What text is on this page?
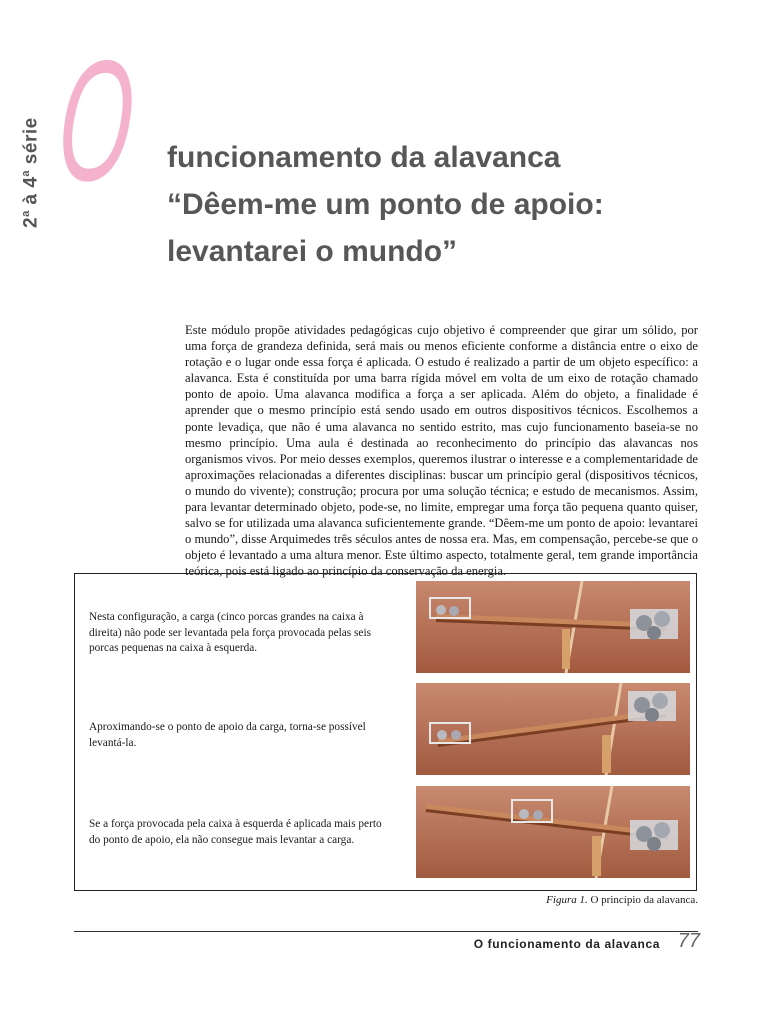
2$^a$ à 4$^a$ série O funcionamento da alavanca
“Dêem-me um ponto de apoio:
levantarei o mundo”

Este módulo propõe atividades pedagógicas cujo objetivo é compreender que girar um sólido, por uma força de grandeza definida, será mais ou menos eficiente conforme a distância entre o eixo de rotação e o lugar onde essa força é aplicada. O estudo é realizado a partir de um objeto específico: a alavanca. Esta é constituída por uma barra rígida móvel em volta de um eixo de rotação chamado ponto de apoio. Uma alavanca modifica a força a ser aplicada. Além do objeto, a finalidade é aprender que o mesmo princípio está sendo usado em outros dispositivos técnicos. Escolhemos a ponte levadiça, que não é uma alavanca no sentido estrito, mas cujo funcionamento baseia-se no mesmo princípio. Uma aula é destinada ao reconhecimento do princípio das alavancas nos organismos vivos. Por meio desses exemplos, queremos ilustrar o interesse e a complementaridade de aproximações relacionadas a diferentes disciplinas: buscar um princípio geral (dispositivos técnicos, o mundo do vivente); construção; procura por uma solução técnica; e estudo de mecanismos. Assim, para levantar determinado objeto, pode-se, no limite, empregar uma força tão pequena quanto quiser, salvo se for utilizada uma alavanca suficientemente grande. “Dêem-me um ponto de apoio: levantarei o mundo”, disse Arquimedes três séculos antes de nossa era. Mas, em compensação, percebe-se que o objeto é levantado a uma altura menor. Este último aspecto, totalmente geral, tem grande importância teórica, pois está ligado ao princípio da conservação da energia.

Nesta configuração, a carga (cinco porcas grandes na caixa à direita) não pode ser levantada pela força provocada pelas seis porcas pequenas na caixa à esquerda.

Aproximando-se o ponto de apoio da carga, torna-se possível levantá-la.

Se a força provocada pela caixa à esquerda é aplicada mais perto do ponto de apoio, ela não consegue mais levantar a carga.

Figura 1. O princípio da alavanca.

O funcionamento da alavanca 77
